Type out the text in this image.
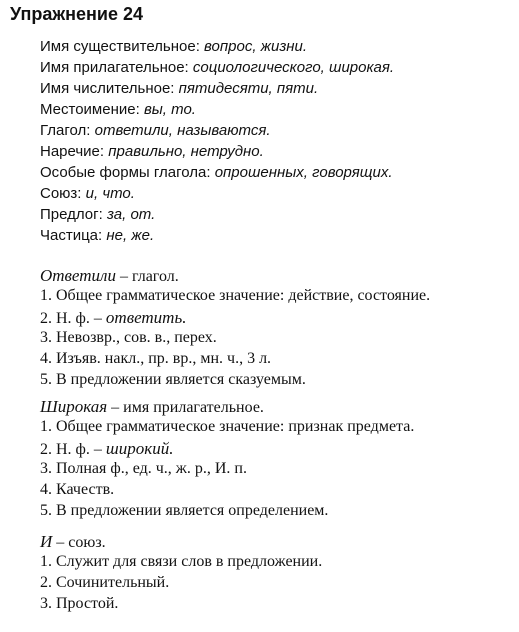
Упражнение 24
Имя существительное: вопрос, жизни.
Имя прилагательное: социологического, широкая.
Имя числительное: пятидесяти, пяти.
Местоимение: вы, то.
Глагол: ответили, называются.
Наречие: правильно, нетрудно.
Особые формы глагола: опрошенных, говорящих.
Союз: и, что.
Предлог: за, от.
Частица: не, же.
Ответили – глагол.
1. Общее грамматическое значение: действие, состояние.
2. Н. ф. – ответить.
3. Невозвр., сов. в., перех.
4. Изъяв. накл., пр. вр., мн. ч., 3 л.
5. В предложении является сказуемым.
Широкая – имя прилагательное.
1. Общее грамматическое значение: признак предмета.
2. Н. ф. – широкий.
3. Полная ф., ед. ч., ж. р., И. п.
4. Качеств.
5. В предложении является определением.
И – союз.
1. Служит для связи слов в предложении.
2. Сочинительный.
3. Простой.
